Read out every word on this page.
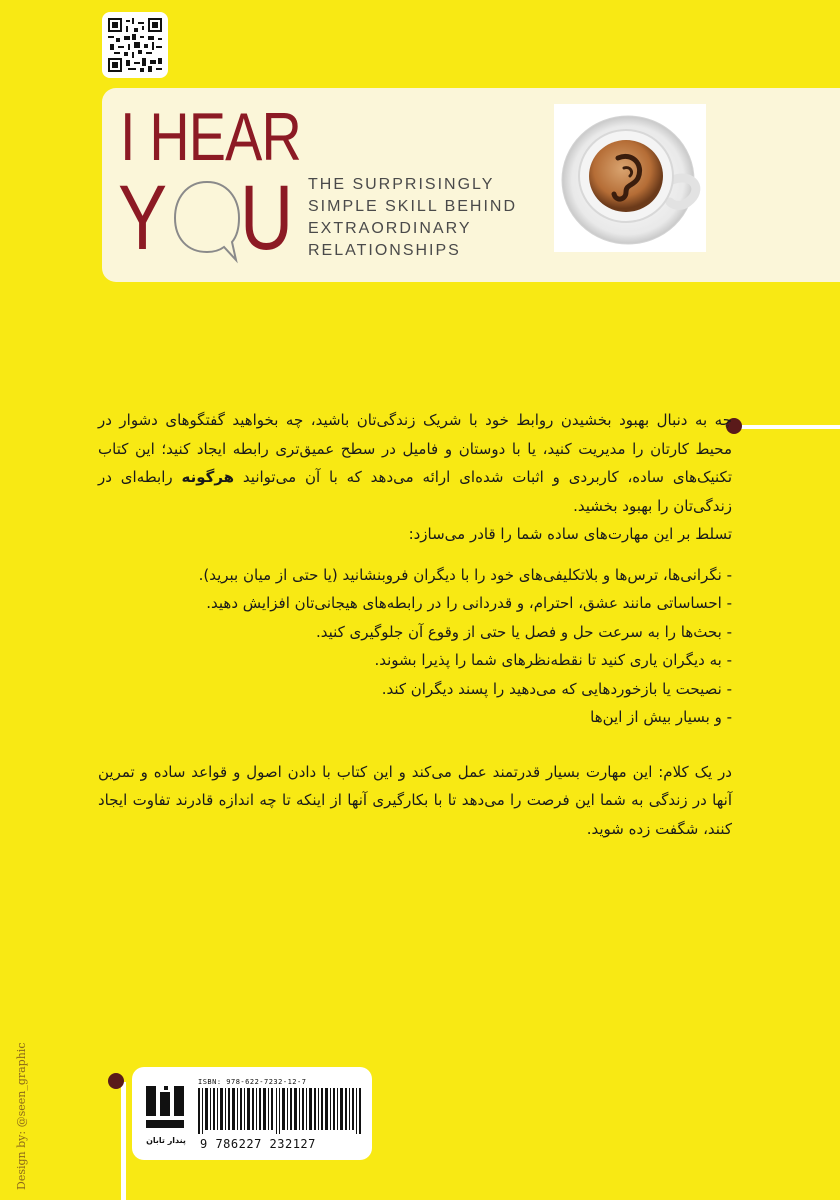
I HEAR
Y U THE SURPRISINGLY
SIMPLE SKILL BEHIND
EXTRAORDINARY
RELATIONSHIPS

چه به دنبال بهبود بخشیدن روابط خود با شریک زندگی‌تان باشید، چه بخواهید گفتگوهای دشوار در محیط کارتان را مدیریت کنید، یا با دوستان و فامیل در سطح عمیق‌تری رابطه ایجاد کنید؛ این کتاب تکنیک‌های ساده، کاربردی و اثبات شده‌ای ارائه می‌دهد که با آن می‌توانید هرگونه رابطه‌ای در زندگی‌تان را بهبود بخشید.

تسلط بر این مهارت‌های ساده شما را قادر می‌سازد:

- نگرانی‌ها، ترس‌ها و بلاتکلیفی‌های خود را با دیگران فروبنشانید (یا حتی از میان ببرید).
- احساساتی مانند عشق، احترام، و قدردانی را در رابطه‌های هیجانی‌تان افزایش دهید.
- بحث‌ها را به سرعت حل و فصل یا حتی از وقوع آن جلوگیری کنید.
- به دیگران یاری کنید تا نقطه‌نظرهای شما را پذیرا بشوند.
- نصیحت یا بازخوردهایی که می‌دهید را پسند دیگران کند.
- و بسیار بیش از این‌ها

در یک کلام: این مهارت بسیار قدرتمند عمل می‌کند و این کتاب با دادن اصول و قواعد ساده و تمرین آنها در زندگی به شما این فرصت را می‌دهد تا با بکارگیری آنها از اینکه تا چه اندازه قادرند تفاوت ایجاد کنند، شگفت زده شوید.

پندار تابان
ISBN: 978-622-7232-12-7
9 786227 232127
Design by: @seen_graphic
